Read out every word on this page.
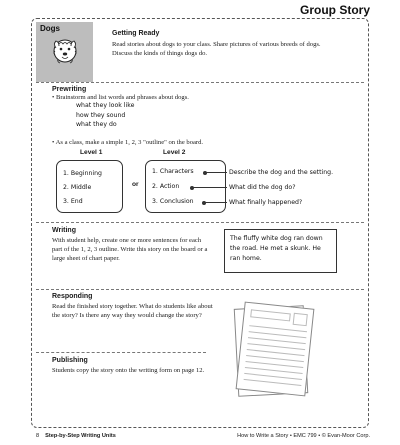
Group Story
Dogs
Getting Ready
Read stories about dogs to your class. Share pictures of various breeds of dogs. Discuss the kinds of things dogs do.
Prewriting
• Brainstorm and list words and phrases about dogs.
what they look like
how they sound
what they do
• As a class, make a simple 1, 2, 3 "outline" on the board.
Level 1	Level 2
1. Beginning
2. Middle
3. End
or
1. Characters
2. Action
3. Conclusion
Describe the dog and the setting.
What did the dog do?
What finally happened?
Writing
With student help, create one or more sentences for each part of the 1, 2, 3 outline. Write this story on the board or a large sheet of chart paper.
The fluffy white dog ran down the road. He met a skunk. He ran home.
Responding
Read the finished story together. What do students like about the story? Is there any way they would change the story?
Publishing
Students copy the story onto the writing form on page 12.
8 Step-by-Step Writing Units	How to Write a Story • EMC 799 • © Evan-Moor Corp.
